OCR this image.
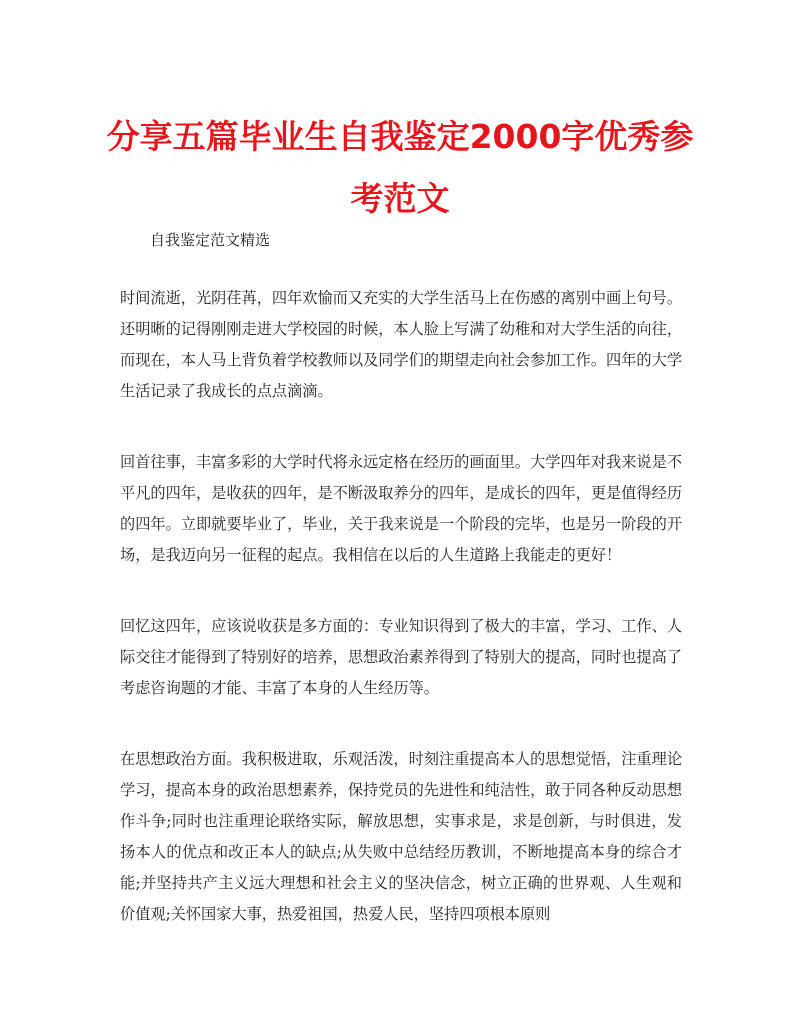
分享五篇毕业生自我鉴定2000字优秀参考范文

自我鉴定范文精选

时间流逝，光阴荏苒，四年欢愉而又充实的大学生活马上在伤感的离别中画上句号。还明晰的记得刚刚走进大学校园的时候，本人脸上写满了幼稚和对大学生活的向往，而现在，本人马上背负着学校教师以及同学们的期望走向社会参加工作。四年的大学生活记录了我成长的点点滴滴。

回首往事，丰富多彩的大学时代将永远定格在经历的画面里。大学四年对我来说是不平凡的四年，是收获的四年，是不断汲取养分的四年，是成长的四年，更是值得经历的四年。立即就要毕业了，毕业，关于我来说是一个阶段的完毕，也是另一阶段的开场，是我迈向另一征程的起点。我相信在以后的人生道路上我能走的更好！

回忆这四年，应该说收获是多方面的：专业知识得到了极大的丰富，学习、工作、人际交往才能得到了特别好的培养，思想政治素养得到了特别大的提高，同时也提高了考虑咨询题的才能、丰富了本身的人生经历等。

在思想政治方面。我积极进取，乐观活泼，时刻注重提高本人的思想觉悟，注重理论学习，提高本身的政治思想素养，保持党员的先进性和纯洁性，敢于同各种反动思想作斗争;同时也注重理论联络实际，解放思想，实事求是，求是创新，与时俱进，发扬本人的优点和改正本人的缺点;从失败中总结经历教训，不断地提高本身的综合才能;并坚持共产主义远大理想和社会主义的坚决信念，树立正确的世界观、人生观和价值观;关怀国家大事，热爱祖国，热爱人民，坚持四项根本原则
